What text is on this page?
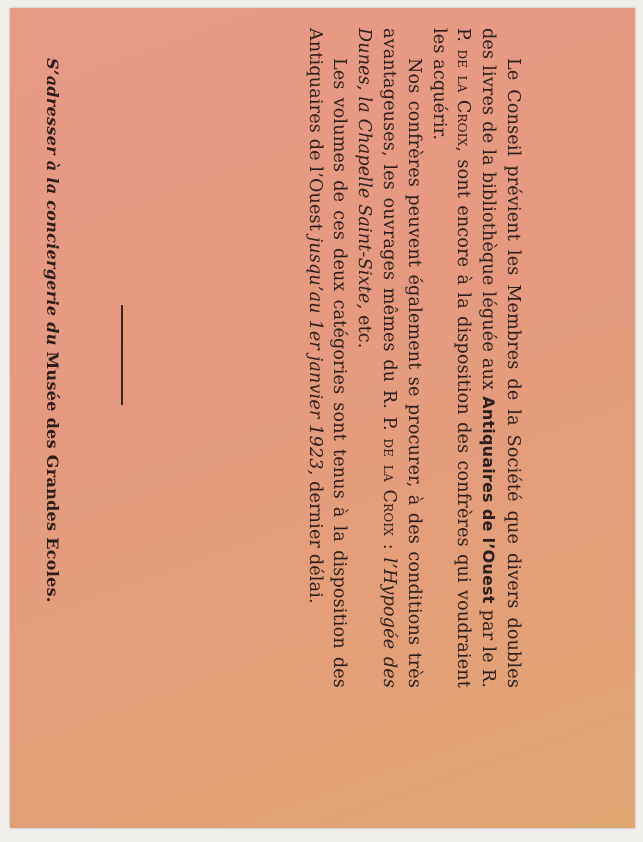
Le Conseil prévient les Membres de la Société que divers doubles des livres de la bibliothèque léguée aux Antiquaires de l’Ouest par le R. P. de la Croix, sont encore à la disposition des confrères qui voudraient les acquérir.

Nos confrères peuvent également se procurer, à des conditions très avantageuses, les ouvrages mêmes du R. P. de la Croix : l’Hypogée des Dunes, la Chapelle Saint-Sixte, etc.

Les volumes de ces deux catégories sont tenus à la disposition des Antiquaires de l’Ouest jusqu’au 1er janvier 1923, dernier délai.

S’adresser à la conciergerie du Musée des Grandes Ecoles.
